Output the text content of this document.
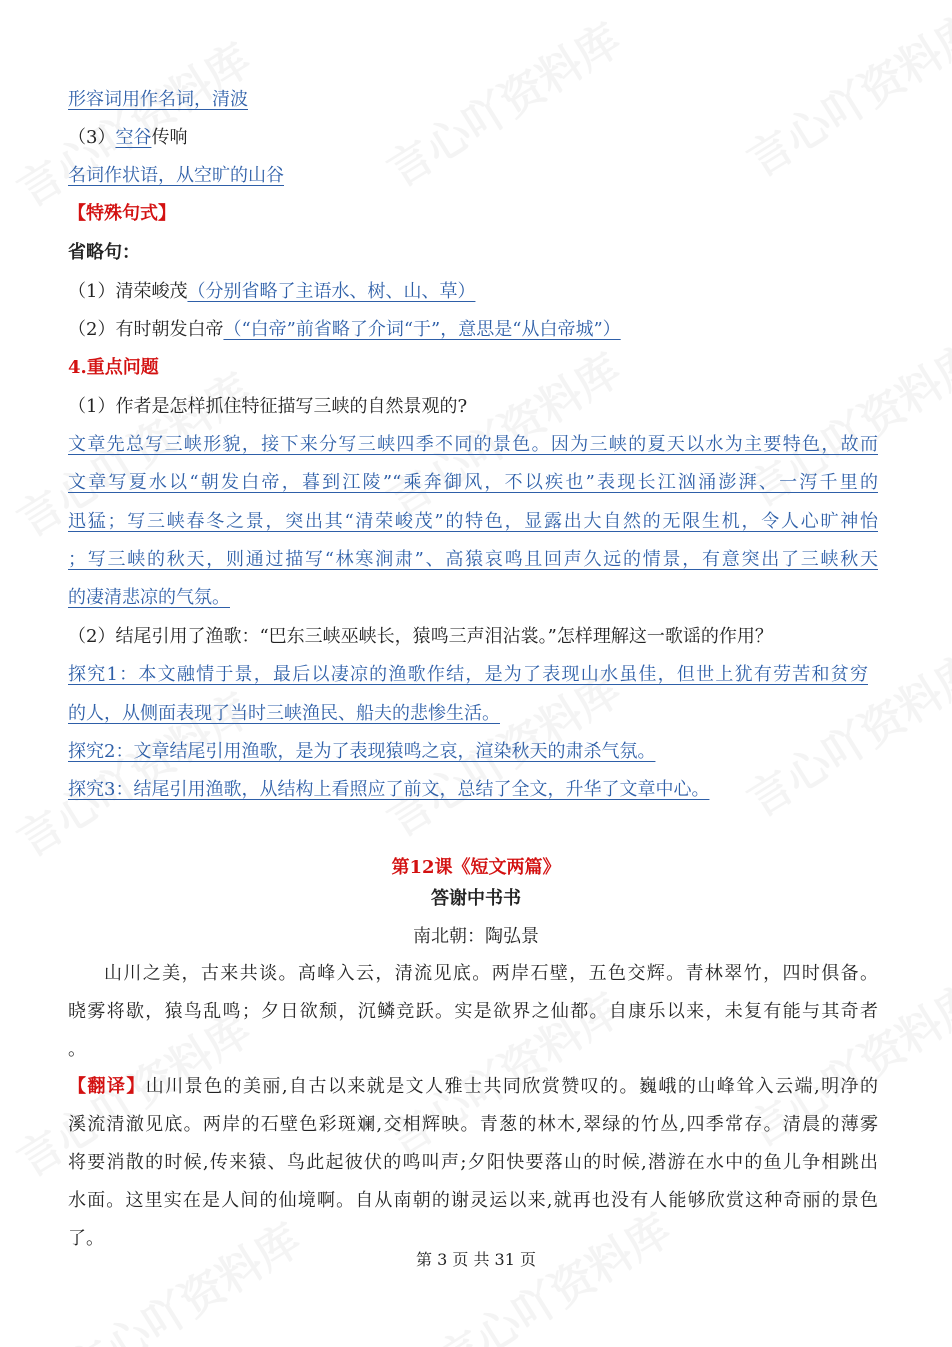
形容词用作名词，清波
（3）空谷传响
名词作状语，从空旷的山谷
【特殊句式】
省略句：
（1）清荣峻茂（分别省略了主语水、树、山、草）
（2）有时朝发白帝（“白帝”前省略了介词“于”，意思是“从白帝城”）
4.重点问题
（1）作者是怎样抓住特征描写三峡的自然景观的?
文章先总写三峡形貌，接下来分写三峡四季不同的景色。因为三峡的夏天以水为主要特色，故而
文章写夏水以“朝发白帝，暮到江陵”“乘奔御风，不以疾也”表现长江汹涌澎湃、一泻千里的
迅猛；写三峡春冬之景，突出其“清荣峻茂”的特色，显露出大自然的无限生机，令人心旷神怡
；写三峡的秋天，则通过描写“林寒涧肃”、高猿哀鸣且回声久远的情景，有意突出了三峡秋天
的凄清悲凉的气氛。
（2）结尾引用了渔歌：“巴东三峡巫峡长，猿鸣三声泪沾裳。”怎样理解这一歌谣的作用？
探究1：本文融情于景，最后以凄凉的渔歌作结，是为了表现山水虽佳，但世上犹有劳苦和贫穷
的人，从侧面表现了当时三峡渔民、船夫的悲惨生活。
探究2：文章结尾引用渔歌，是为了表现猿鸣之哀，渲染秋天的肃杀气氛。
探究3：结尾引用渔歌，从结构上看照应了前文，总结了全文，升华了文章中心。
第12课《短文两篇》
答谢中书书
南北朝：陶弘景
山川之美，古来共谈。高峰入云，清流见底。两岸石壁，五色交辉。青林翠竹，四时俱备。
晓雾将歇，猿鸟乱鸣；夕日欲颓，沉鳞竞跃。实是欲界之仙都。自康乐以来，未复有能与其奇者
。
【翻译】山川景色的美丽,自古以来就是文人雅士共同欣赏赞叹的。巍峨的山峰耸入云端,明净的
溪流清澈见底。两岸的石壁色彩斑斓,交相辉映。青葱的林木,翠绿的竹丛,四季常存。清晨的薄雾
将要消散的时候,传来猿、鸟此起彼伏的鸣叫声;夕阳快要落山的时候,潜游在水中的鱼儿争相跳出
水面。这里实在是人间的仙境啊。自从南朝的谢灵运以来,就再也没有人能够欣赏这种奇丽的景色
了。
第 3 页 共 31 页
